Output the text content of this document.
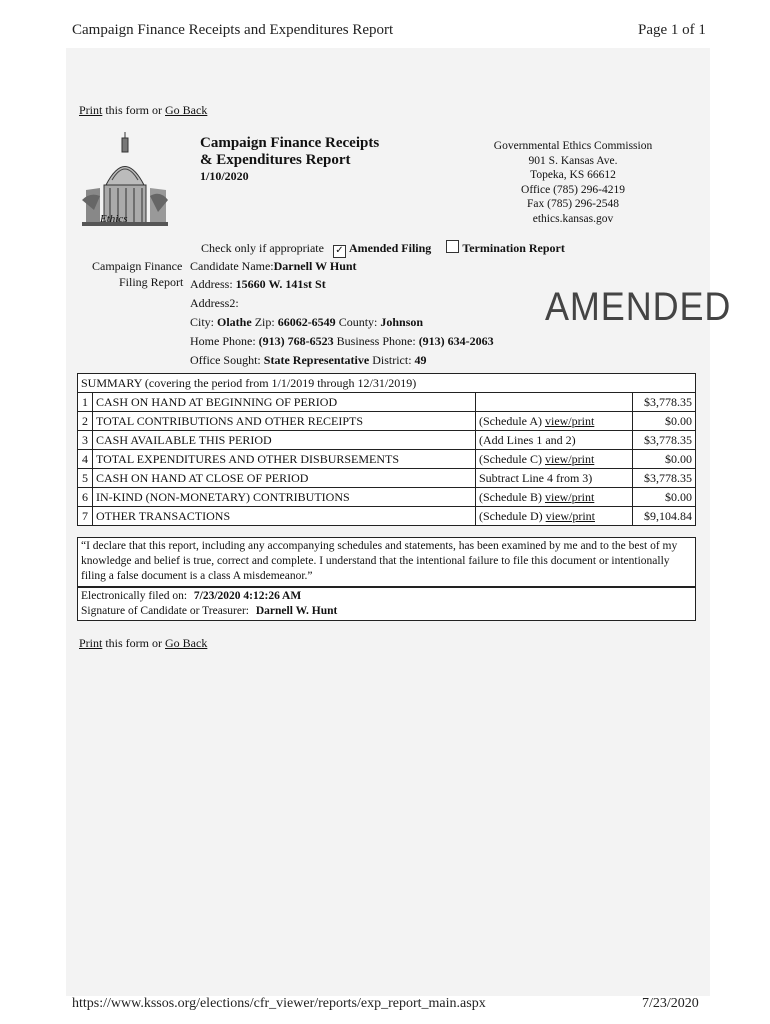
Campaign Finance Receipts and Expenditures Report	Page 1 of 1
Print this form or Go Back
Ethics
Campaign Finance Receipts
& Expenditures Report
1/10/2020
Governmental Ethics Commission
901 S. Kansas Ave.
Topeka, KS 66612
Office (785) 296-4219
Fax (785) 296-2548
ethics.kansas.gov
Check only if appropriate ✓ Amended Filing	Termination Report
Campaign Finance
Filing Report
Candidate Name:Darnell W Hunt
Address: 15660 W. 141st St
Address2:
City: Olathe Zip: 66062-6549 County: Johnson
Home Phone: (913) 768-6523 Business Phone: (913) 634-2063
Office Sought: State Representative District: 49
AMENDED
SUMMARY (covering the period from 1/1/2019 through 12/31/2019)			
1	CASH ON HAND AT BEGINNING OF PERIOD		$3,778.35
2	TOTAL CONTRIBUTIONS AND OTHER RECEIPTS	(Schedule A) view/print	$0.00
3	CASH AVAILABLE THIS PERIOD	(Add Lines 1 and 2)	$3,778.35
4	TOTAL EXPENDITURES AND OTHER DISBURSEMENTS	(Schedule C) view/print	$0.00
5	CASH ON HAND AT CLOSE OF PERIOD	Subtract Line 4 from 3)	$3,778.35
6	IN-KIND (NON-MONETARY) CONTRIBUTIONS	(Schedule B) view/print	$0.00
7	OTHER TRANSACTIONS	(Schedule D) view/print	$9,104.84
“I declare that this report, including any accompanying schedules and statements, has been examined by me and to the best of my knowledge and belief is true, correct and complete. I understand that the intentional failure to file this document or intentionally filing a false document is a class A misdemeanor.”
Electronically filed on: 7/23/2020 4:12:26 AM
Signature of Candidate or Treasurer: Darnell W. Hunt
Print this form or Go Back
https://www.kssos.org/elections/cfr_viewer/reports/exp_report_main.aspx	7/23/2020
